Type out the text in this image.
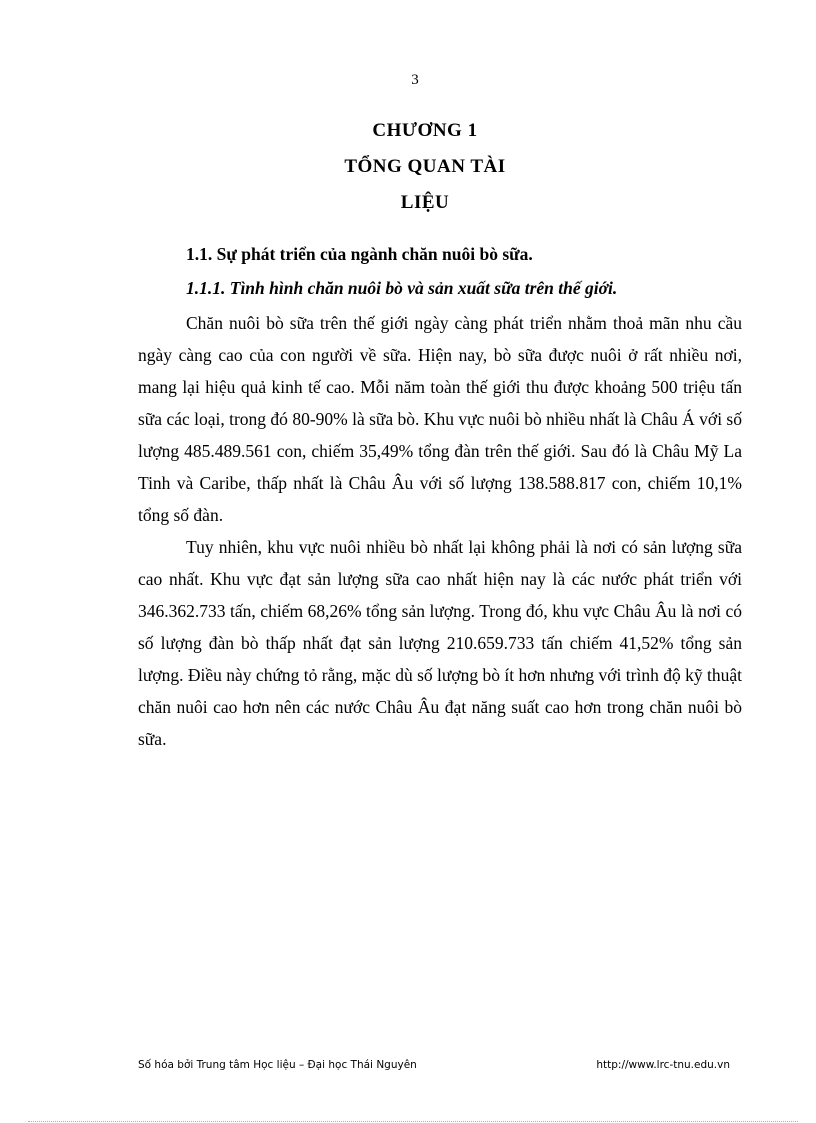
3
CHƯƠNG 1
TỔNG QUAN TÀI
LIỆU
1.1. Sự phát triển của ngành chăn nuôi bò sữa.
1.1.1. Tình hình chăn nuôi bò và sản xuất sữa trên thế giới.

Chăn nuôi bò sữa trên thế giới ngày càng phát triển nhằm thoả mãn nhu cầu ngày càng cao của con người về sữa. Hiện nay, bò sữa được nuôi ở rất nhiều nơi, mang lại hiệu quả kinh tế cao. Mỗi năm toàn thế giới thu được khoảng 500 triệu tấn sữa các loại, trong đó 80-90% là sữa bò. Khu vực nuôi bò nhiều nhất là Châu Á với số lượng 485.489.561 con, chiếm 35,49% tổng đàn trên thế giới. Sau đó là Châu Mỹ La Tinh và Caribe, thấp nhất là Châu Âu với số lượng 138.588.817 con, chiếm 10,1% tổng số đàn.

Tuy nhiên, khu vực nuôi nhiều bò nhất lại không phải là nơi có sản lượng sữa cao nhất. Khu vực đạt sản lượng sữa cao nhất hiện nay là các nước phát triển với 346.362.733 tấn, chiếm 68,26% tổng sản lượng. Trong đó, khu vực Châu Âu là nơi có số lượng đàn bò thấp nhất đạt sản lượng 210.659.733 tấn chiếm 41,52% tổng sản lượng. Điều này chứng tỏ rằng, mặc dù số lượng bò ít hơn nhưng với trình độ kỹ thuật chăn nuôi cao hơn nên các nước Châu Âu đạt năng suất cao hơn trong chăn nuôi bò sữa.

Số hóa bởi Trung tâm Học liệu – Đại học Thái Nguyên	http://www.lrc-tnu.edu.vn
